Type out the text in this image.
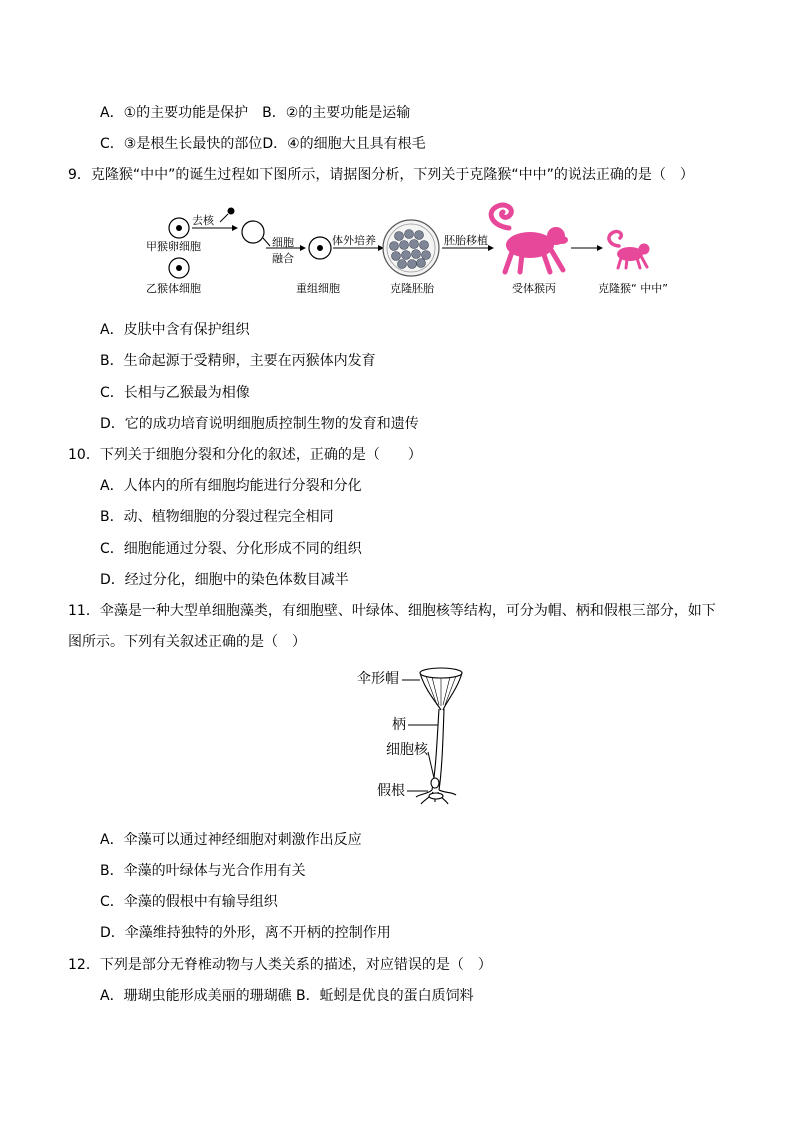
A．①的主要功能是保护　B．②的主要功能是运输
C．③是根生长最快的部位D．④的细胞大且具有根毛
9．克隆猴“中中”的诞生过程如下图所示，请据图分析，下列关于克隆猴“中中”的说法正确的是（　）
去核
甲猴卵细胞
乙猴体细胞
细胞
融合
重组细胞
体外培养
克隆胚胎
胚胎移植
受体猴丙	克隆猴“ 中中”
A．皮肤中含有保护组织
B．生命起源于受精卵，主要在丙猴体内发育
C．长相与乙猴最为相像
D．它的成功培育说明细胞质控制生物的发育和遗传
10．下列关于细胞分裂和分化的叙述，正确的是（　　）
A．人体内的所有细胞均能进行分裂和分化
B．动、植物细胞的分裂过程完全相同
C．细胞能通过分裂、分化形成不同的组织
D．经过分化，细胞中的染色体数目减半
11．伞藻是一种大型单细胞藻类，有细胞壁、叶绿体、细胞核等结构，可分为帽、柄和假根三部分，如下
图所示。下列有关叙述正确的是（　）
伞形帽
柄
细胞核
假根
A．伞藻可以通过神经细胞对刺激作出反应
B．伞藻的叶绿体与光合作用有关
C．伞藻的假根中有输导组织
D．伞藻维持独特的外形，离不开柄的控制作用
12．下列是部分无脊椎动物与人类关系的描述，对应错误的是（　）
A．珊瑚虫能形成美丽的珊瑚礁 B．蚯蚓是优良的蛋白质饲料
